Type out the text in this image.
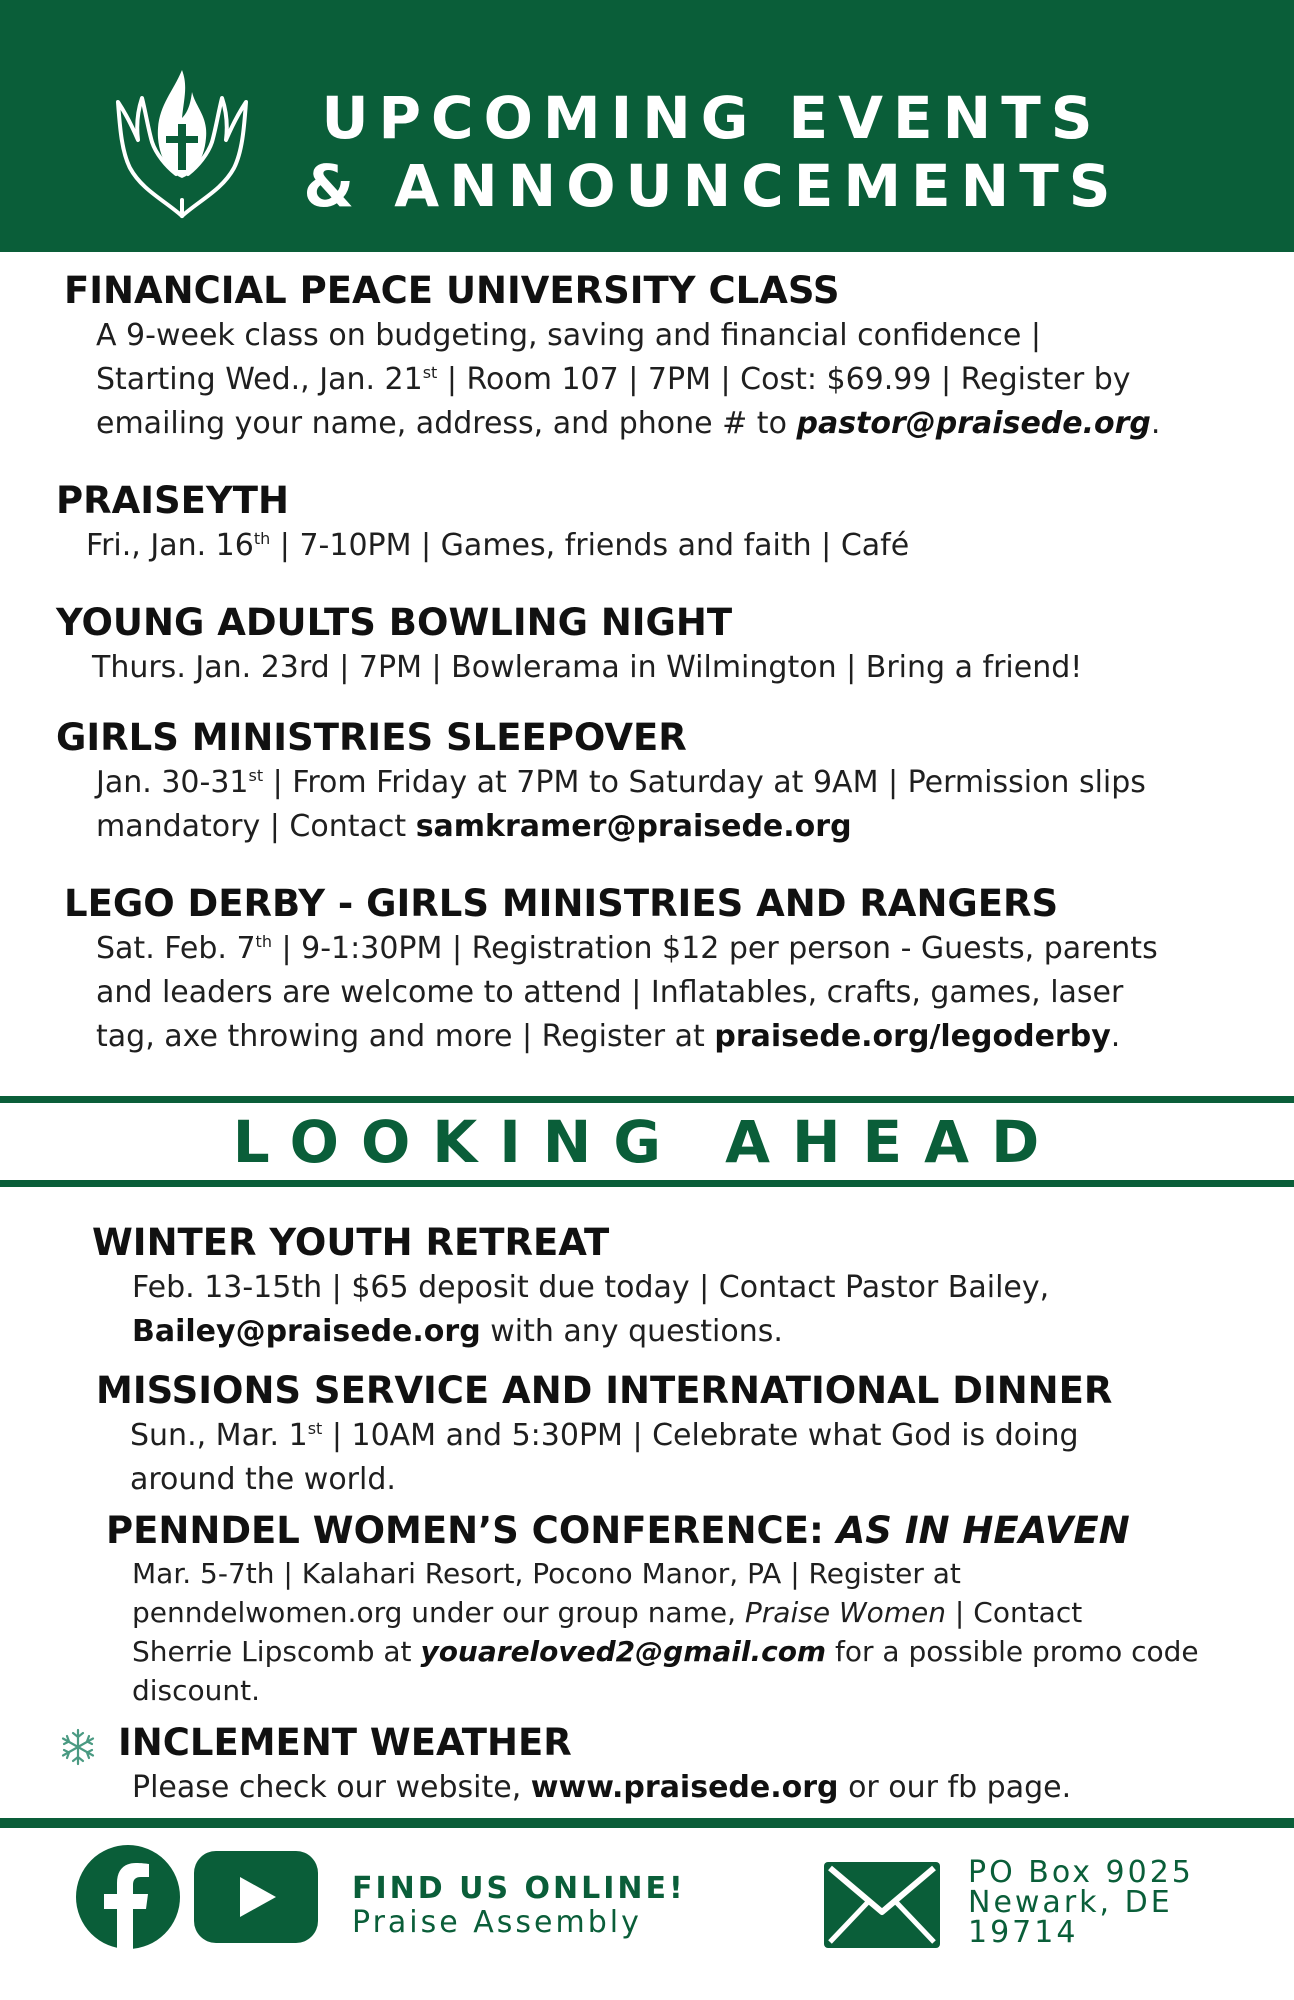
UPCOMING EVENTS
& ANNOUNCEMENTS
FINANCIAL PEACE UNIVERSITY CLASS

A 9-week class on budgeting, saving and financial confidence |
Starting Wed., Jan. 21st | Room 107 | 7PM | Cost: $69.99 | Register by
emailing your name, address, and phone # to pastor@praisede.org.

PRAISEYTH

Fri., Jan. 16th | 7-10PM | Games, friends and faith | Café

YOUNG ADULTS BOWLING NIGHT

Thurs. Jan. 23rd | 7PM | Bowlerama in Wilmington | Bring a friend!

GIRLS MINISTRIES SLEEPOVER

Jan. 30-31st | From Friday at 7PM to Saturday at 9AM | Permission slips
mandatory | Contact samkramer@praisede.org

LEGO DERBY - GIRLS MINISTRIES AND RANGERS

Sat. Feb. 7th | 9-1:30PM | Registration $12 per person - Guests, parents
and leaders are welcome to attend | Inflatables, crafts, games, laser
tag, axe throwing and more | Register at praisede.org/legoderby.

LOOKING AHEAD
WINTER YOUTH RETREAT

Feb. 13-15th | $65 deposit due today | Contact Pastor Bailey,
Bailey@praisede.org with any questions.

MISSIONS SERVICE AND INTERNATIONAL DINNER

Sun., Mar. 1st | 10AM and 5:30PM | Celebrate what God is doing
around the world.

PENNDEL WOMEN’S CONFERENCE: AS IN HEAVEN

Mar. 5-7th | Kalahari Resort, Pocono Manor, PA | Register at
penndelwomen.org under our group name, Praise Women | Contact
Sherrie Lipscomb at youareloved2@gmail.com for a possible promo code
discount.

INCLEMENT WEATHER

Please check our website, www.praisede.org or our fb page.

FIND US ONLINE!
Praise Assembly
PO Box 9025
Newark, DE
19714
